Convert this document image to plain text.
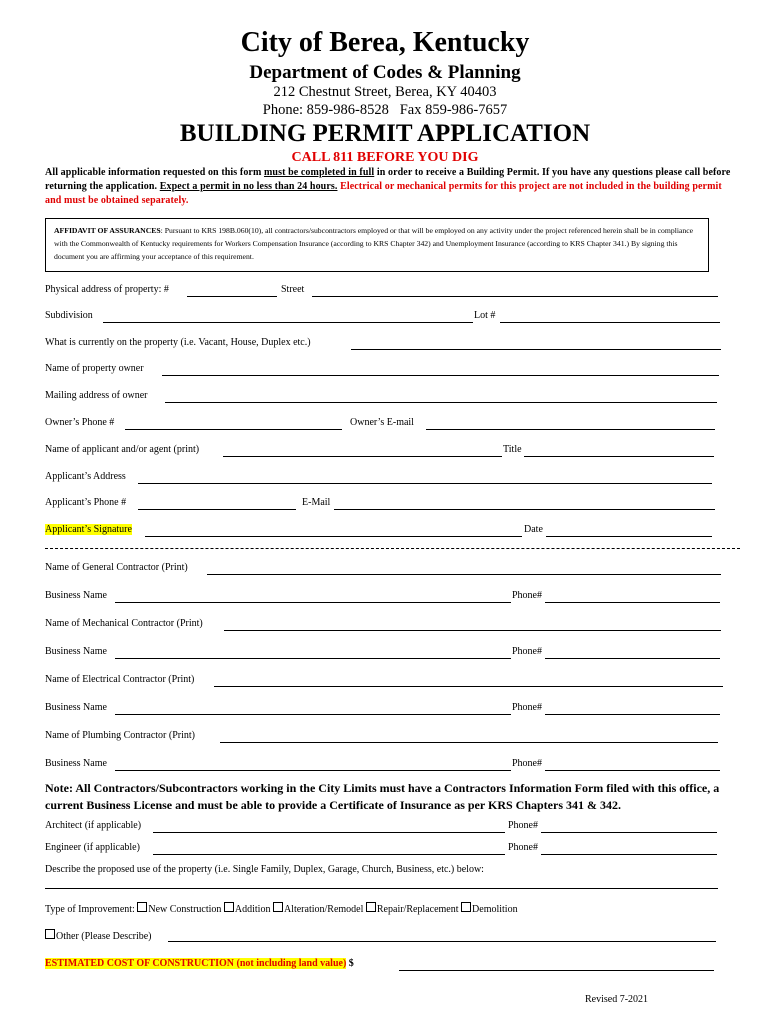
City of Berea, Kentucky
Department of Codes & Planning
212 Chestnut Street, Berea, KY 40403
Phone: 859-986-8528   Fax 859-986-7657
BUILDING PERMIT APPLICATION
CALL 811 BEFORE YOU DIG
All applicable information requested on this form must be completed in full in order to receive a Building Permit. If you have any questions please call before returning the application. Expect a permit in no less than 24 hours. Electrical or mechanical permits for this project are not included in the building permit and must be obtained separately.
AFFIDAVIT OF ASSURANCES: Pursuant to KRS 198B.060(10), all contractors/subcontractors employed or that will be employed on any activity under the project referenced herein shall be in compliance with the Commonwealth of Kentucky requirements for Workers Compensation Insurance (according to KRS Chapter 342) and Unemployment Insurance (according to KRS Chapter 341.) By signing this document you are affirming your acceptance of this requirement.
Physical address of property: #	Street
Subdivision	Lot #
What is currently on the property (i.e. Vacant, House, Duplex etc.)
Name of property owner
Mailing address of owner
Owner’s Phone #	Owner’s E-mail
Name of applicant and/or agent (print)	Title
Applicant’s Address
Applicant’s Phone #	E-Mail
Applicant’s Signature	Date
Name of General Contractor (Print)
Business Name	Phone#
Name of Mechanical Contractor (Print)
Business Name	Phone#
Name of Electrical Contractor (Print)
Business Name	Phone#
Name of Plumbing Contractor (Print)
Business Name	Phone#
Note: All Contractors/Subcontractors working in the City Limits must have a Contractors Information Form filed with this office, a current Business License and must be able to provide a Certificate of Insurance as per KRS Chapters 341 & 342.
Architect (if applicable)	Phone#
Engineer (if applicable)	Phone#
Describe the proposed use of the property (i.e. Single Family, Duplex, Garage, Church, Business, etc.) below:
Type of Improvement: New Construction Addition Alteration/Remodel Repair/Replacement Demolition
Other (Please Describe)
ESTIMATED COST OF CONSTRUCTION (not including land value) $
Revised 7-2021
